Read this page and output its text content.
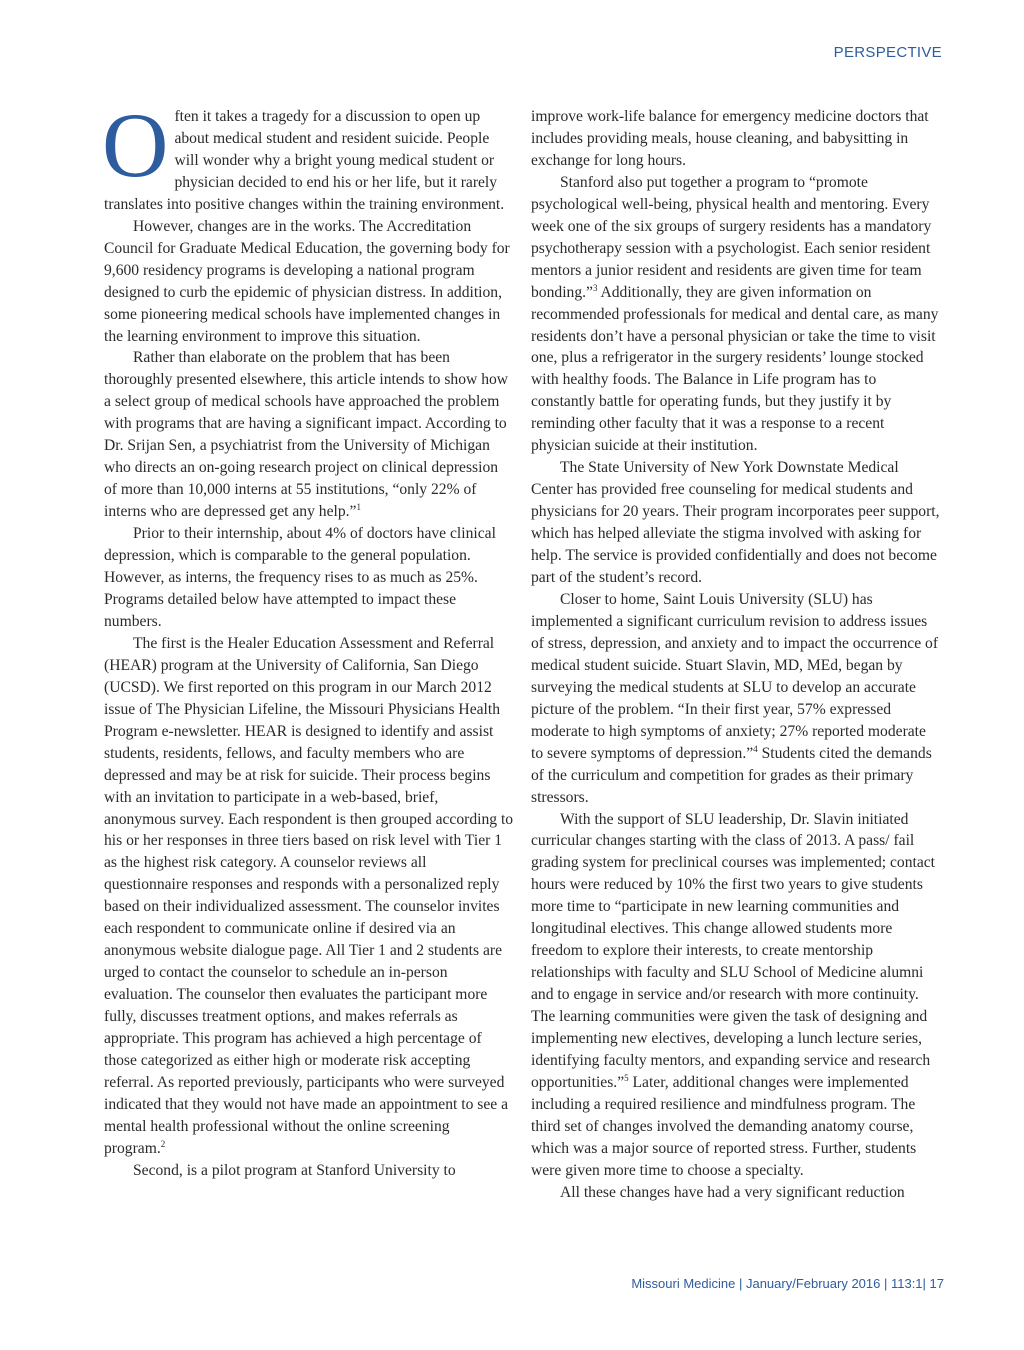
PERSPECTIVE

Often it takes a tragedy for a discussion to open up about medical student and resident suicide. People will wonder why a bright young medical student or physician decided to end his or her life, but it rarely translates into positive changes within the training environment.

However, changes are in the works. The Accreditation Council for Graduate Medical Education, the governing body for 9,600 residency programs is developing a national program designed to curb the epidemic of physician distress. In addition, some pioneering medical schools have implemented changes in the learning environment to improve this situation.

Rather than elaborate on the problem that has been thoroughly presented elsewhere, this article intends to show how a select group of medical schools have approached the problem with programs that are having a significant impact. According to Dr. Srijan Sen, a psychiatrist from the University of Michigan who directs an on-going research project on clinical depression of more than 10,000 interns at 55 institutions, “only 22% of interns who are depressed get any help.”$^1$

Prior to their internship, about 4% of doctors have clinical depression, which is comparable to the general population. However, as interns, the frequency rises to as much as 25%. Programs detailed below have attempted to impact these numbers.

The first is the Healer Education Assessment and Referral (HEAR) program at the University of California, San Diego (UCSD). We first reported on this program in our March 2012 issue of The Physician Lifeline, the Missouri Physicians Health Program e-newsletter. HEAR is designed to identify and assist students, residents, fellows, and faculty members who are depressed and may be at risk for suicide. Their process begins with an invitation to participate in a web-based, brief, anonymous survey. Each respondent is then grouped according to his or her responses in three tiers based on risk level with Tier 1 as the highest risk category. A counselor reviews all questionnaire responses and responds with a personalized reply based on their individualized assessment. The counselor invites each respondent to communicate online if desired via an anonymous website dialogue page. All Tier 1 and 2 students are urged to contact the counselor to schedule an in-person evaluation. The counselor then evaluates the participant more fully, discusses treatment options, and makes referrals as appropriate. This program has achieved a high percentage of those categorized as either high or moderate risk accepting referral. As reported previously, participants who were surveyed indicated that they would not have made an appointment to see a mental health professional without the online screening program.$^2$

Second, is a pilot program at Stanford University to

improve work-life balance for emergency medicine doctors that includes providing meals, house cleaning, and babysitting in exchange for long hours.

Stanford also put together a program to “promote psychological well-being, physical health and mentoring. Every week one of the six groups of surgery residents has a mandatory psychotherapy session with a psychologist. Each senior resident mentors a junior resident and residents are given time for team bonding.”$^3$ Additionally, they are given information on recommended professionals for medical and dental care, as many residents don’t have a personal physician or take the time to visit one, plus a refrigerator in the surgery residents’ lounge stocked with healthy foods. The Balance in Life program has to constantly battle for operating funds, but they justify it by reminding other faculty that it was a response to a recent physician suicide at their institution.

The State University of New York Downstate Medical Center has provided free counseling for medical students and physicians for 20 years. Their program incorporates peer support, which has helped alleviate the stigma involved with asking for help. The service is provided confidentially and does not become part of the student’s record.

Closer to home, Saint Louis University (SLU) has implemented a significant curriculum revision to address issues of stress, depression, and anxiety and to impact the occurrence of medical student suicide. Stuart Slavin, MD, MEd, began by surveying the medical students at SLU to develop an accurate picture of the problem. “In their first year, 57% expressed moderate to high symptoms of anxiety; 27% reported moderate to severe symptoms of depression.”$^4$ Students cited the demands of the curriculum and competition for grades as their primary stressors.

With the support of SLU leadership, Dr. Slavin initiated curricular changes starting with the class of 2013. A pass/ fail grading system for preclinical courses was implemented; contact hours were reduced by 10% the first two years to give students more time to “participate in new learning communities and longitudinal electives. This change allowed students more freedom to explore their interests, to create mentorship relationships with faculty and SLU School of Medicine alumni and to engage in service and/or research with more continuity. The learning communities were given the task of designing and implementing new electives, developing a lunch lecture series, identifying faculty mentors, and expanding service and research opportunities.”$^5$ Later, additional changes were implemented including a required resilience and mindfulness program. The third set of changes involved the demanding anatomy course, which was a major source of reported stress. Further, students were given more time to choose a specialty.

All these changes have had a very significant reduction

Missouri Medicine | January/February 2016 | 113:1| 17
